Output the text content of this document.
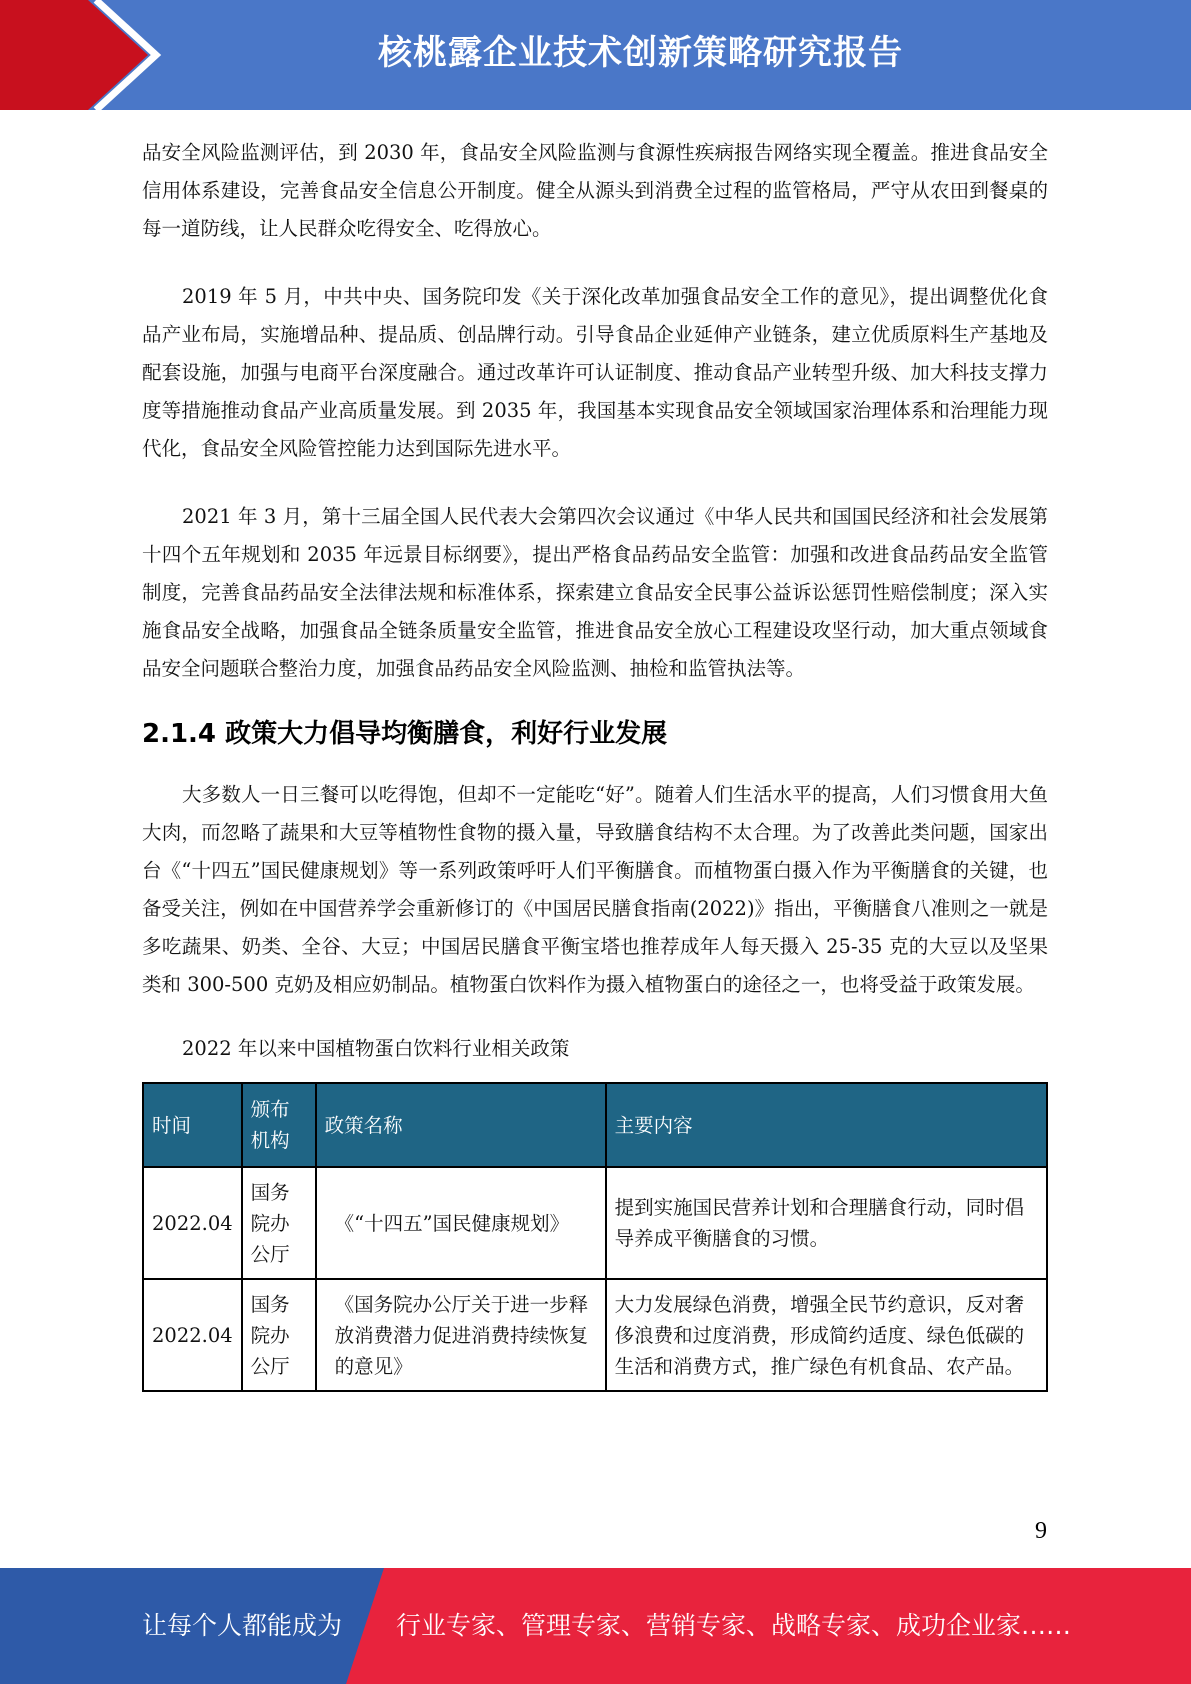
核桃露企业技术创新策略研究报告

品安全风险监测评估，到 2030 年，食品安全风险监测与食源性疾病报告网络实现全覆盖。推进食品安全信用体系建设，完善食品安全信息公开制度。健全从源头到消费全过程的监管格局，严守从农田到餐桌的每一道防线，让人民群众吃得安全、吃得放心。

2019 年 5 月，中共中央、国务院印发《关于深化改革加强食品安全工作的意见》，提出调整优化食品产业布局，实施增品种、提品质、创品牌行动。引导食品企业延伸产业链条，建立优质原料生产基地及配套设施，加强与电商平台深度融合。通过改革许可认证制度、推动食品产业转型升级、加大科技支撑力度等措施推动食品产业高质量发展。到 2035 年，我国基本实现食品安全领域国家治理体系和治理能力现代化，食品安全风险管控能力达到国际先进水平。

2021 年 3 月，第十三届全国人民代表大会第四次会议通过《中华人民共和国国民经济和社会发展第十四个五年规划和 2035 年远景目标纲要》，提出严格食品药品安全监管：加强和改进食品药品安全监管制度，完善食品药品安全法律法规和标准体系，探索建立食品安全民事公益诉讼惩罚性赔偿制度；深入实施食品安全战略，加强食品全链条质量安全监管，推进食品安全放心工程建设攻坚行动，加大重点领域食品安全问题联合整治力度，加强食品药品安全风险监测、抽检和监管执法等。

2.1.4 政策大力倡导均衡膳食，利好行业发展

大多数人一日三餐可以吃得饱，但却不一定能吃“好”。随着人们生活水平的提高，人们习惯食用大鱼大肉，而忽略了蔬果和大豆等植物性食物的摄入量，导致膳食结构不太合理。为了改善此类问题，国家出台《“十四五”国民健康规划》等一系列政策呼吁人们平衡膳食。而植物蛋白摄入作为平衡膳食的关键，也备受关注，例如在中国营养学会重新修订的《中国居民膳食指南(2022)》指出，平衡膳食八准则之一就是多吃蔬果、奶类、全谷、大豆；中国居民膳食平衡宝塔也推荐成年人每天摄入 25-35 克的大豆以及坚果类和 300-500 克奶及相应奶制品。植物蛋白饮料作为摄入植物蛋白的途径之一，也将受益于政策发展。

2022 年以来中国植物蛋白饮料行业相关政策
时间	颁布机构	政策名称	主要内容
2022.04	国务院办公厅	《“十四五”国民健康规划》	提到实施国民营养计划和合理膳食行动，同时倡导养成平衡膳食的习惯。
2022.04	国务院办公厅	《国务院办公厅关于进一步释放消费潜力促进消费持续恢复的意见》	大力发展绿色消费，增强全民节约意识，反对奢侈浪费和过度消费，形成简约适度、绿色低碳的生活和消费方式，推广绿色有机食品、农产品。
9
让每个人都能成为 行业专家、管理专家、营销专家、战略专家、成功企业家……
